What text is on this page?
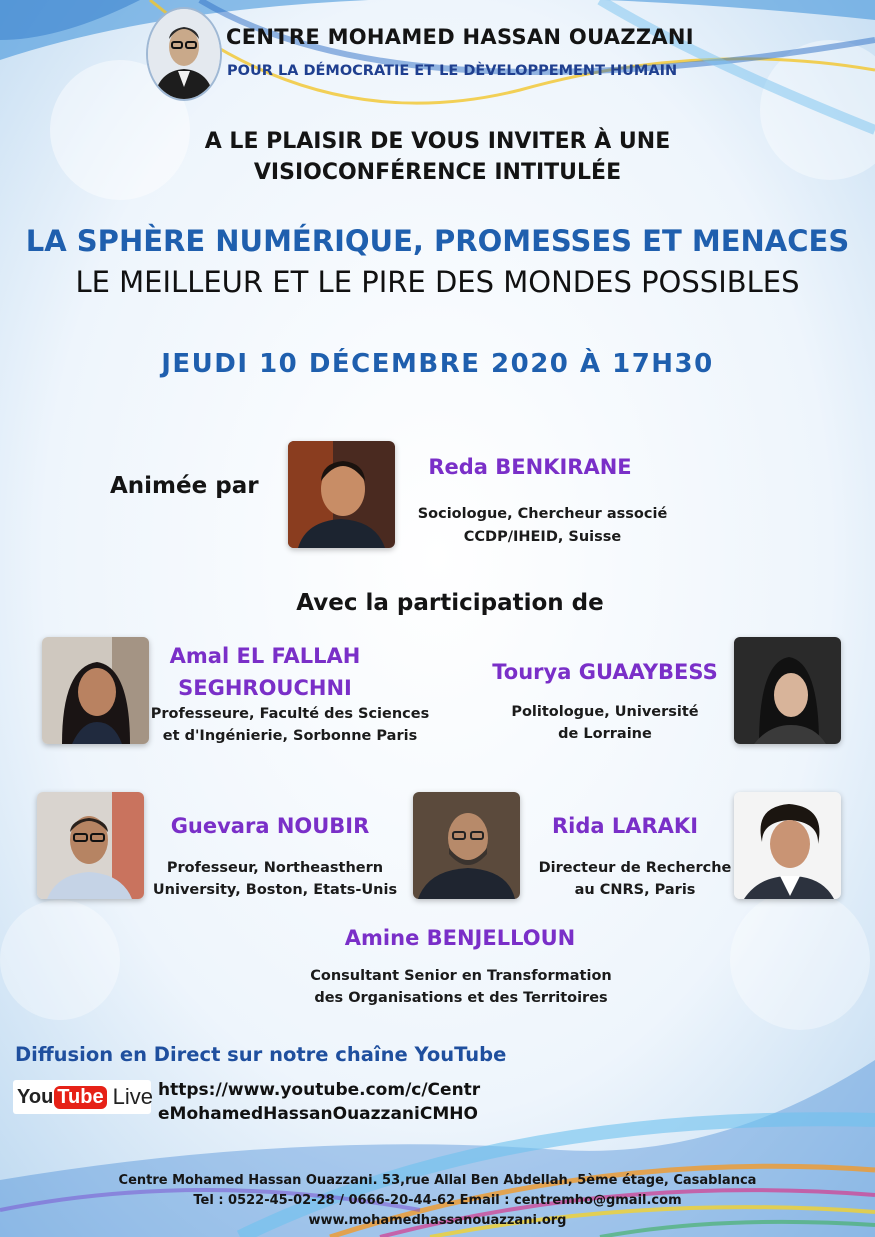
CENTRE MOHAMED HASSAN OUAZZANI
POUR LA DÉMOCRATIE ET LE DÈVELOPPEMENT HUMAIN
A LE PLAISIR DE VOUS INVITER À UNE
VISIOCONFÉRENCE INTITULÉE
LA SPHÈRE NUMÉRIQUE, PROMESSES ET MENACES
LE MEILLEUR ET LE PIRE DES MONDES POSSIBLES
JEUDI 10 DÉCEMBRE 2020 À 17H30
Animée par
Reda BENKIRANE
Sociologue, Chercheur associé
CCDP/IHEID, Suisse
Avec la participation de
Amal EL FALLAH
SEGHROUCHNI
Professeure, Faculté des Sciences
et d'Ingénierie, Sorbonne Paris
Tourya GUAAYBESS
Politologue, Université
de Lorraine
Guevara NOUBIR
Professeur, Northeasthern
University, Boston, Etats-Unis
Rida LARAKI
Directeur de Recherche
au CNRS, Paris
Amine BENJELLOUN
Consultant Senior en Transformation
des Organisations et des Territoires
Diffusion en Direct sur notre chaîne YouTube
You Tube Live https://www.youtube.com/c/Centr
eMohamedHassanOuazzaniCMHO
Centre Mohamed Hassan Ouazzani. 53,rue Allal Ben Abdellah, 5ème étage, Casablanca
Tel : 0522-45-02-28 / 0666-20-44-62 Email : centremho@gmail.com
www.mohamedhassanouazzani.org
